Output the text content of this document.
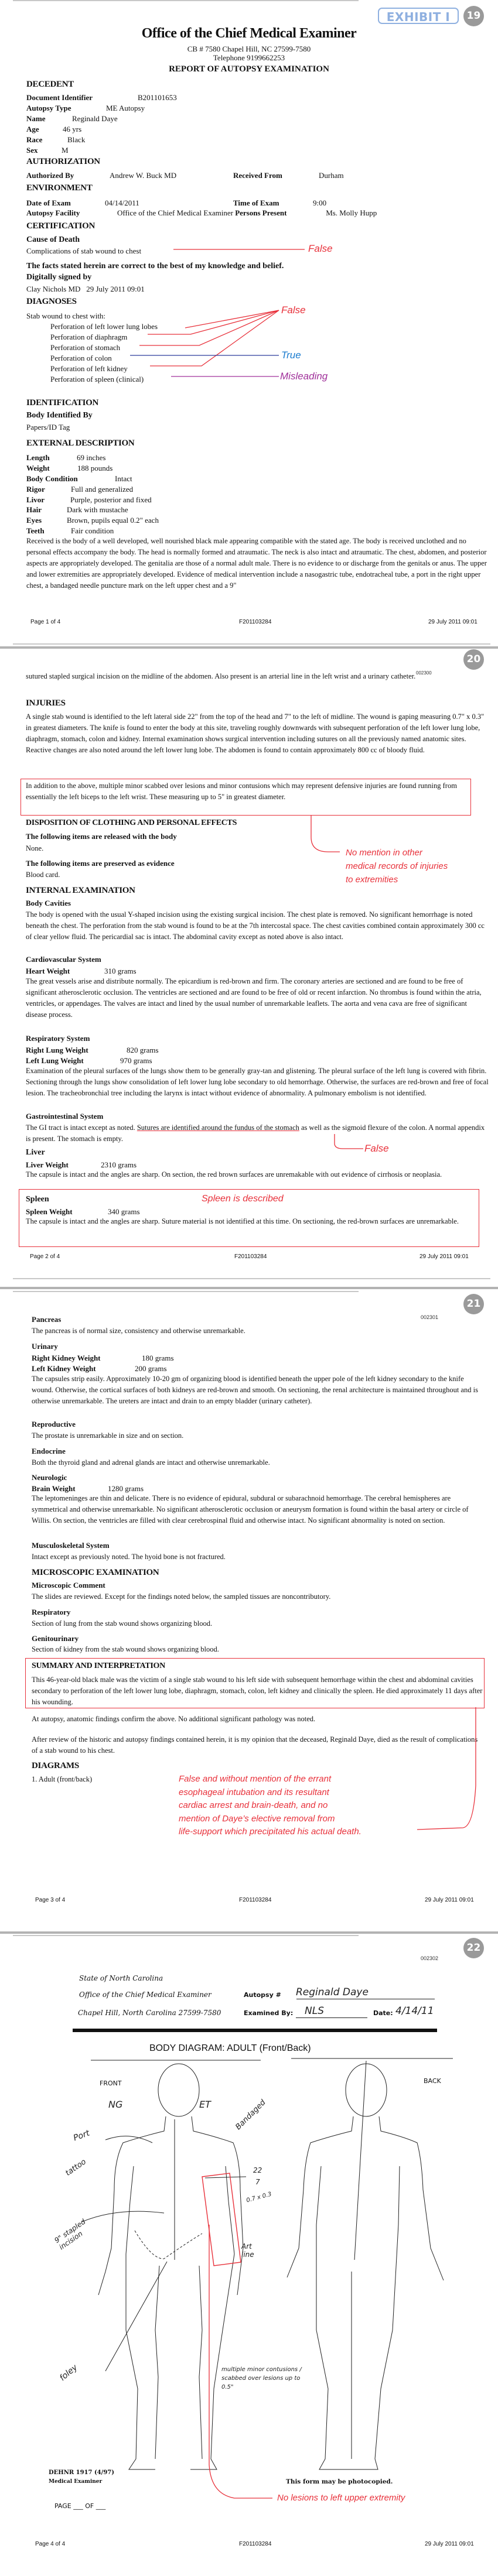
EXHIBIT I	19
Office of the Chief Medical Examiner
CB # 7580 Chapel Hill, NC 27599-7580
Telephone 9199662253
REPORT OF AUTOPSY EXAMINATION
DECEDENT
Document Identifier	B201101653
Autopsy Type	ME Autopsy
Name	Reginald Daye
Age	46 yrs
Race	Black
Sex	M
AUTHORIZATION
Authorized By	Andrew W. Buck MD	Received From	Durham
ENVIRONMENT
Date of Exam	04/14/2011	Time of Exam	9:00
Autopsy Facility	Office of the Chief Medical Examiner Persons Present	Ms. Molly Hupp
CERTIFICATION
Cause of Death
Complications of stab wound to chest	False
The facts stated herein are correct to the best of my knowledge and belief.
Digitally signed by
Clay Nichols MD   29 July 2011 09:01
DIAGNOSES
Stab wound to chest with:
Perforation of left lower lung lobes
Perforation of diaphragm
Perforation of stomach
Perforation of colon
Perforation of left kidney
Perforation of spleen (clinical)
False
True
Misleading
IDENTIFICATION
Body Identified By
Papers/ID Tag
EXTERNAL DESCRIPTION
Length	69 inches
Weight	188 pounds
Body Condition	Intact
Rigor	Full and generalized
Livor	Purple, posterior and fixed
Hair	Dark with mustache
Eyes	Brown, pupils equal 0.2" each
Teeth	Fair condition
Received is the body of a well developed, well nourished black male appearing compatible with the stated age. The body is received unclothed and no personal effects accompany the body. The head is normally formed and atraumatic. The neck is also intact and atraumatic. The chest, abdomen, and posterior aspects are appropriately developed. The genitalia are those of a normal adult male. There is no evidence to or discharge from the genitals or anus. The upper and lower extremities are appropriately developed. Evidence of medical intervention include a nasogastric tube, endotracheal tube, a port in the right upper chest, a bandaged needle puncture mark on the left upper chest and a 9"
Page 1 of 4	F201103284	29 July 2011 09:01
20
002300
sutured stapled surgical incision on the midline of the abdomen. Also present is an arterial line in the left wrist and a urinary catheter.
INJURIES
A single stab wound is identified to the left lateral side 22" from the top of the head and 7" to the left of midline. The wound is gaping measuring 0.7" x 0.3" in greatest diameters. The knife is found to enter the body at this site, traveling roughly downwards with subsequent perforation of the left lower lung lobe, diaphragm, stomach, colon and kidney. Internal examination shows surgical intervention including sutures on all the previously named anatomic sites. Reactive changes are also noted around the left lower lung lobe. The abdomen is found to contain approximately 800 cc of bloody fluid.
In addition to the above, multiple minor scabbed over lesions and minor contusions which may represent defensive injuries are found running from essentially the left biceps to the left wrist. These measuring up to 5" in greatest diameter.
No mention in other
medical records of injuries
to extremities
DISPOSITION OF CLOTHING AND PERSONAL EFFECTS
The following items are released with the body
None.
The following items are preserved as evidence
Blood card.
INTERNAL EXAMINATION
Body Cavities
The body is opened with the usual Y-shaped incision using the existing surgical incision. The chest plate is removed. No significant hemorrhage is noted beneath the chest. The perforation from the stab wound is found to be at the 7th intercostal space. The chest cavities combined contain approximately 300 cc of clear yellow fluid. The pericardial sac is intact. The abdominal cavity except as noted above is also intact.
Cardiovascular System
Heart Weight	310 grams
The great vessels arise and distribute normally. The epicardium is red-brown and firm. The coronary arteries are sectioned and are found to be free of significant atherosclerotic occlusion. The ventricles are sectioned and are found to be free of old or recent infarction. No thrombus is found within the atria, ventricles, or appendages. The valves are intact and lined by the usual number of unremarkable leaflets. The aorta and vena cava are free of significant disease process.
Respiratory System
Right Lung Weight	820 grams
Left Lung Weight	970 grams
Examination of the pleural surfaces of the lungs show them to be generally gray-tan and glistening. The pleural surface of the left lung is covered with fibrin. Sectioning through the lungs show consolidation of left lower lung lobe secondary to old hemorrhage. Otherwise, the surfaces are red-brown and free of focal lesion. The tracheobronchial tree including the larynx is intact without evidence of abnormality. A pulmonary embolism is not identified.
Gastrointestinal System
The GI tract is intact except as noted. Sutures are identified around the fundus of the stomach as well as the sigmoid flexure of the colon. A normal appendix is present. The stomach is empty.
False
Liver
Liver Weight	2310 grams
The capsule is intact and the angles are sharp. On section, the red brown surfaces are unremakable with out evidence of cirrhosis or neoplasia.
Spleen	Spleen is described
Spleen Weight	340 grams
The capsule is intact and the angles are sharp. Suture material is not identified at this time. On sectioning, the red-brown surfaces are unremarkable.
Page 2 of 4	F201103284	29 July 2011 09:01
21
002301
Pancreas
The pancreas is of normal size, consistency and otherwise unremarkable.
Urinary
Right Kidney Weight	180 grams
Left Kidney Weight	200 grams
The capsules strip easily. Approximately 10-20 gm of organizing blood is identified beneath the upper pole of the left kidney secondary to the knife wound. Otherwise, the cortical surfaces of both kidneys are red-brown and smooth. On sectioning, the renal architecture is maintained throughout and is otherwise unremarkable. The ureters are intact and drain to an empty bladder (urinary catheter).
Reproductive
The prostate is unremarkable in size and on section.
Endocrine
Both the thyroid gland and adrenal glands are intact and otherwise unremarkable.
Neurologic
Brain Weight	1280 grams
The leptomeninges are thin and delicate. There is no evidence of epidural, subdural or subarachnoid hemorrhage. The cerebral hemispheres are symmetrical and otherwise unremarkable. No significant atherosclerotic occlusion or aneurysm formation is found within the basal artery or circle of Willis. On section, the ventricles are filled with clear cerebrospinal fluid and otherwise intact. No significant abnormality is noted on section.
Musculoskeletal System
Intact except as previously noted. The hyoid bone is not fractured.
MICROSCOPIC EXAMINATION
Microscopic Comment
The slides are reviewed. Except for the findings noted below, the sampled tissues are noncontributory.
Respiratory
Section of lung from the stab wound shows organizing blood.
Genitourinary
Section of kidney from the stab wound shows organizing blood.
SUMMARY AND INTERPRETATION
This 46-year-old black male was the victim of a single stab wound to his left side with subsequent hemorrhage within the chest and abdominal cavities secondary to perforation of the left lower lung lobe, diaphragm, stomach, colon, left kidney and clinically the spleen. He died approximately 11 days after his wounding.
At autopsy, anatomic findings confirm the above. No additional significant pathology was noted.
After review of the historic and autopsy findings contained herein, it is my opinion that the deceased, Reginald Daye, died as the result of complications of a stab wound to his chest.
DIAGRAMS
1. Adult (front/back)	False and without mention of the errant
esophageal intubation and its resultant
cardiac arrest and brain-death, and no
mention of Daye’s elective removal from
life-support which precipitated his actual death.
Page 3 of 4	F201103284	29 July 2011 09:01
22
002302
State of North Carolina
Office of the Chief Medical Examiner
Chapel Hill, North Carolina 27599-7580
Autopsy # Reginald Daye
Examined By: NLS	Date: 4/14/11
BODY DIAGRAM: ADULT (Front/Back)
FRONT	BACK
NG	ET
Port
Bandaged
tattoo	22
7
0.7 x 0.3
9" stapled incision	Art line
foley	multiple minor contusions / scabbed over lesions up to 0.5"
DEHNR 1917 (4/97)
Medical Examiner	This form may be photocopied.
No lesions to left upper extremity
PAGE ___ OF ___
Page 4 of 4	F201103284	29 July 2011 09:01
